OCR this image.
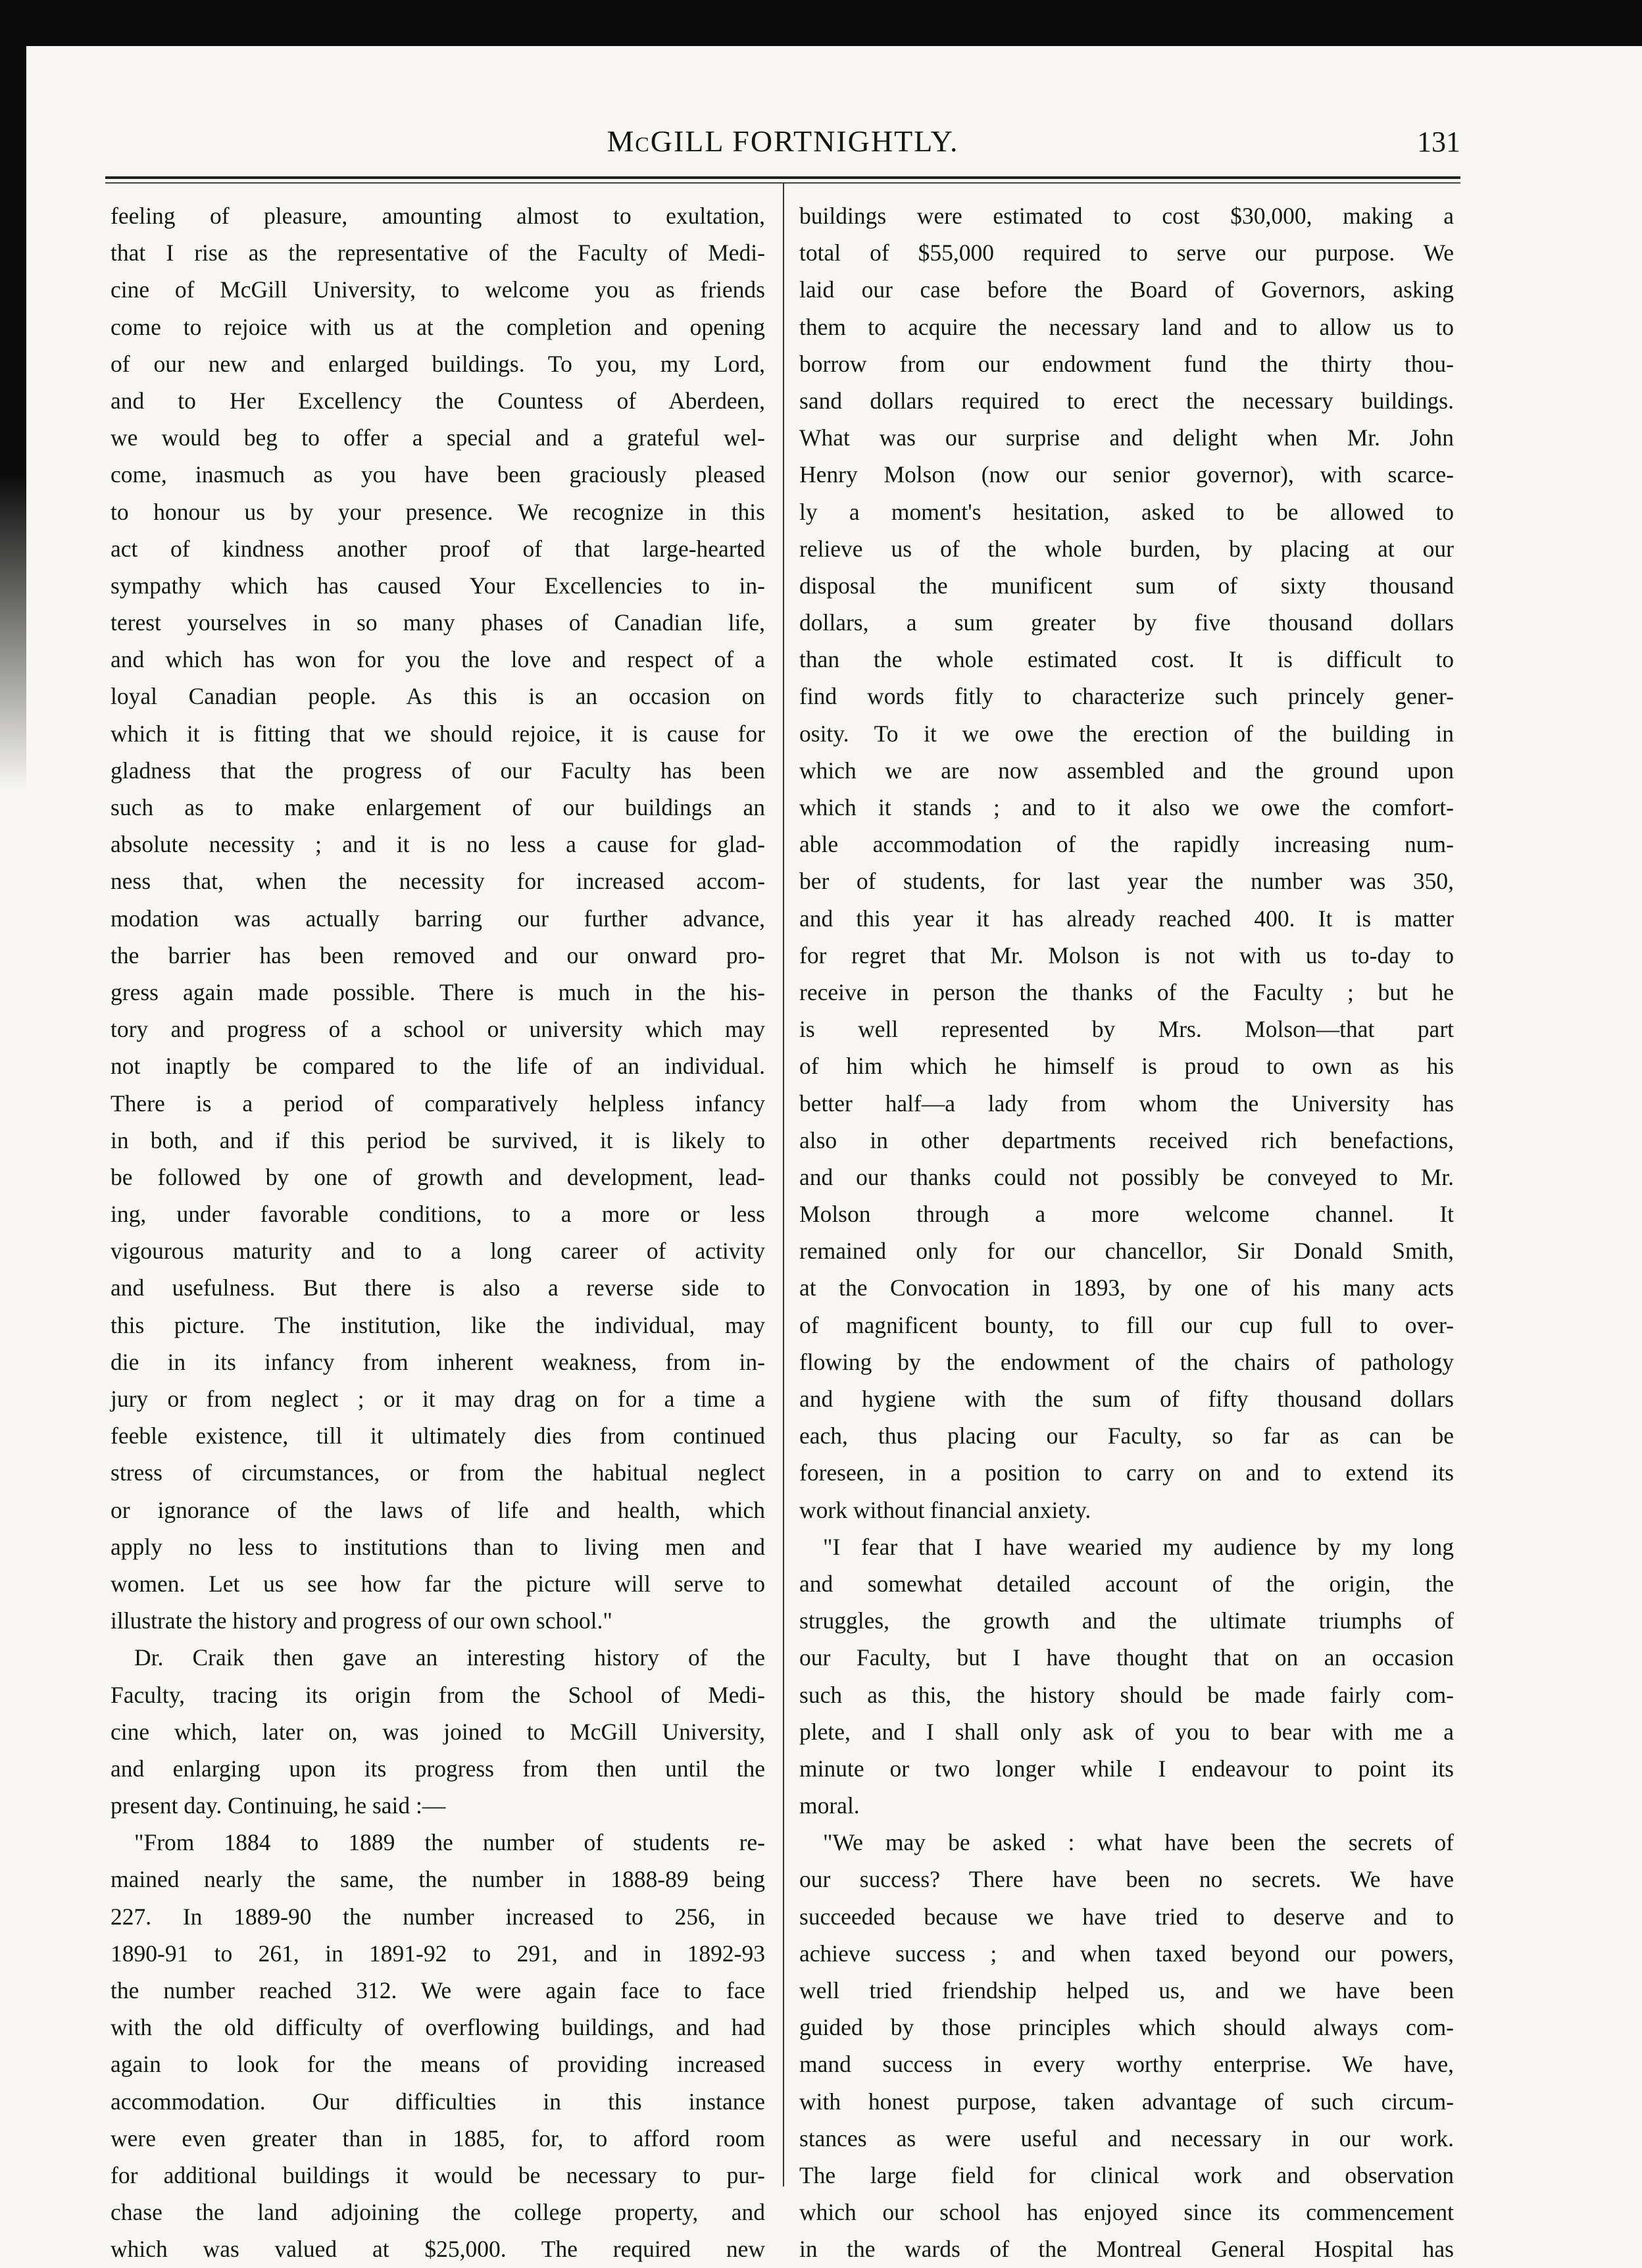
McGILL FORTNIGHTLY.	131
feeling of pleasure, amounting almost to exultation,
that I rise as the representative of the Faculty of Medi-
cine of McGill University, to welcome you as friends
come to rejoice with us at the completion and opening
of our new and enlarged buildings. To you, my Lord,
and to Her Excellency the Countess of Aberdeen,
we would beg to offer a special and a grateful wel-
come, inasmuch as you have been graciously pleased
to honour us by your presence. We recognize in this
act of kindness another proof of that large-hearted
sympathy which has caused Your Excellencies to in-
terest yourselves in so many phases of Canadian life,
and which has won for you the love and respect of a
loyal Canadian people. As this is an occasion on
which it is fitting that we should rejoice, it is cause for
gladness that the progress of our Faculty has been
such as to make enlargement of our buildings an
absolute necessity ; and it is no less a cause for glad-
ness that, when the necessity for increased accom-
modation was actually barring our further advance,
the barrier has been removed and our onward pro-
gress again made possible. There is much in the his-
tory and progress of a school or university which may
not inaptly be compared to the life of an individual.
There is a period of comparatively helpless infancy
in both, and if this period be survived, it is likely to
be followed by one of growth and development, lead-
ing, under favorable conditions, to a more or less
vigourous maturity and to a long career of activity
and usefulness. But there is also a reverse side to
this picture. The institution, like the individual, may
die in its infancy from inherent weakness, from in-
jury or from neglect ; or it may drag on for a time a
feeble existence, till it ultimately dies from continued
stress of circumstances, or from the habitual neglect
or ignorance of the laws of life and health, which
apply no less to institutions than to living men and
women. Let us see how far the picture will serve to
illustrate the history and progress of our own school."
Dr. Craik then gave an interesting history of the
Faculty, tracing its origin from the School of Medi-
cine which, later on, was joined to McGill University,
and enlarging upon its progress from then until the
present day. Continuing, he said :—
"From 1884 to 1889 the number of students re-
mained nearly the same, the number in 1888-89 being
227. In 1889-90 the number increased to 256, in
1890-91 to 261, in 1891-92 to 291, and in 1892-93
the number reached 312. We were again face to face
with the old difficulty of overflowing buildings, and had
again to look for the means of providing increased
accommodation. Our difficulties in this instance
were even greater than in 1885, for, to afford room
for additional buildings it would be necessary to pur-
chase the land adjoining the college property, and
which was valued at $25,000. The required new
buildings were estimated to cost $30,000, making a
total of $55,000 required to serve our purpose. We
laid our case before the Board of Governors, asking
them to acquire the necessary land and to allow us to
borrow from our endowment fund the thirty thou-
sand dollars required to erect the necessary buildings.
What was our surprise and delight when Mr. John
Henry Molson (now our senior governor), with scarce-
ly a moment's hesitation, asked to be allowed to
relieve us of the whole burden, by placing at our
disposal the munificent sum of sixty thousand
dollars, a sum greater by five thousand dollars
than the whole estimated cost. It is difficult to
find words fitly to characterize such princely gener-
osity. To it we owe the erection of the building in
which we are now assembled and the ground upon
which it stands ; and to it also we owe the comfort-
able accommodation of the rapidly increasing num-
ber of students, for last year the number was 350,
and this year it has already reached 400. It is matter
for regret that Mr. Molson is not with us to-day to
receive in person the thanks of the Faculty ; but he
is well represented by Mrs. Molson—that part
of him which he himself is proud to own as his
better half—a lady from whom the University has
also in other departments received rich benefactions,
and our thanks could not possibly be conveyed to Mr.
Molson through a more welcome channel. It
remained only for our chancellor, Sir Donald Smith,
at the Convocation in 1893, by one of his many acts
of magnificent bounty, to fill our cup full to over-
flowing by the endowment of the chairs of pathology
and hygiene with the sum of fifty thousand dollars
each, thus placing our Faculty, so far as can be
foreseen, in a position to carry on and to extend its
work without financial anxiety.
"I fear that I have wearied my audience by my long
and somewhat detailed account of the origin, the
struggles, the growth and the ultimate triumphs of
our Faculty, but I have thought that on an occasion
such as this, the history should be made fairly com-
plete, and I shall only ask of you to bear with me a
minute or two longer while I endeavour to point its
moral.
"We may be asked : what have been the secrets of
our success? There have been no secrets. We have
succeeded because we have tried to deserve and to
achieve success ; and when taxed beyond our powers,
well tried friendship helped us, and we have been
guided by those principles which should always com-
mand success in every worthy enterprise. We have,
with honest purpose, taken advantage of such circum-
stances as were useful and necessary in our work.
The large field for clinical work and observation
which our school has enjoyed since its commencement
in the wards of the Montreal General Hospital has
